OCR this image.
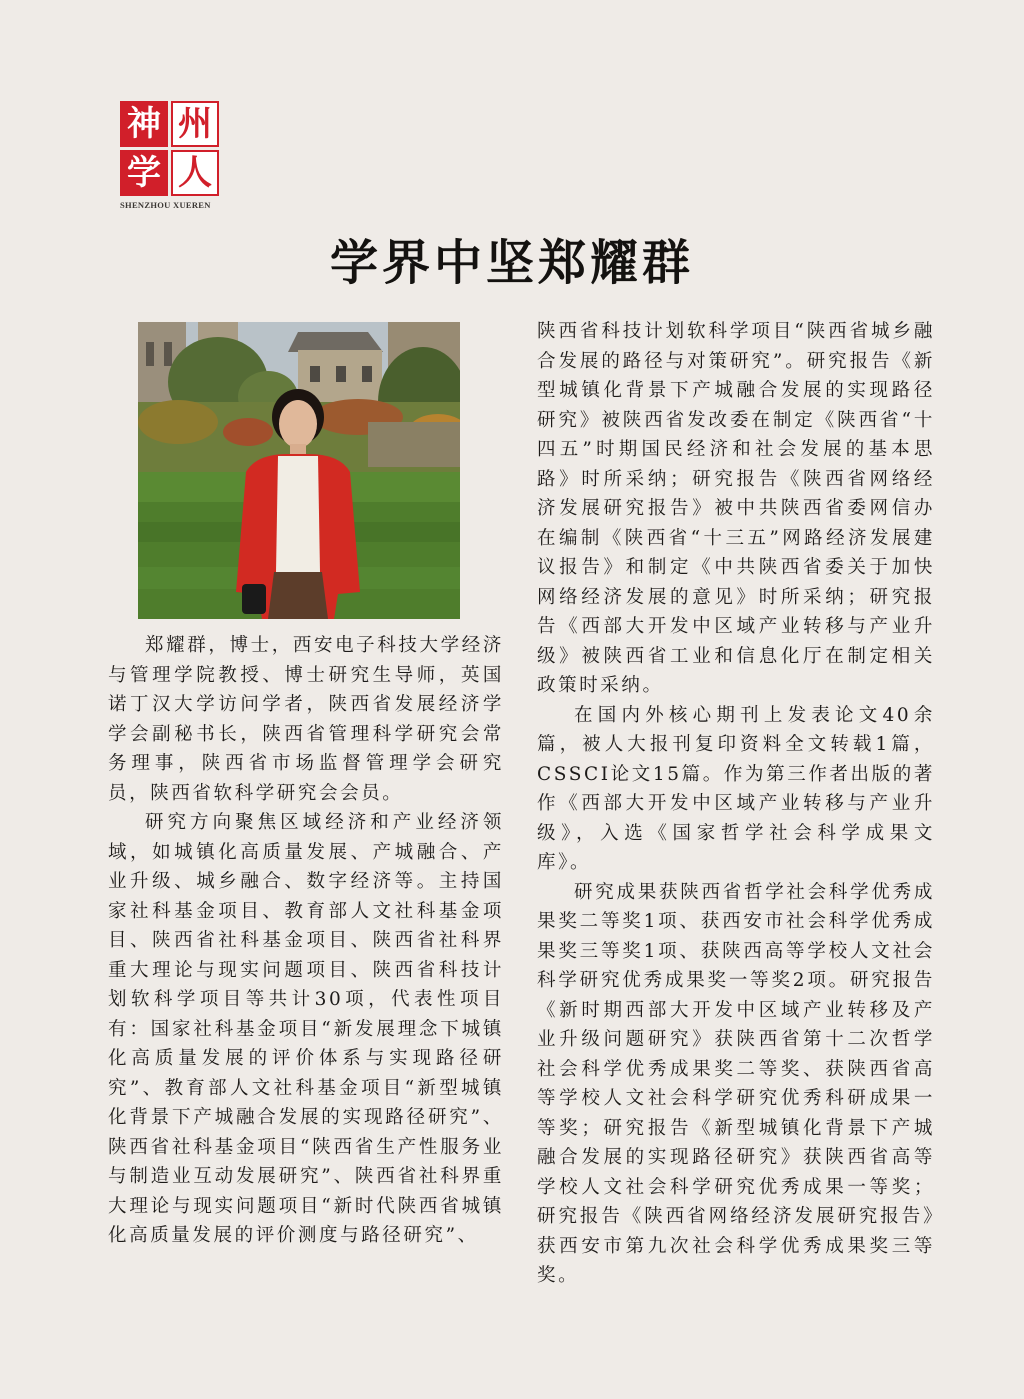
神 州
学 人
SHENZHOU XUEREN
学界中坚郑耀群

郑耀群，博士，西安电子科技大学经济与管理学院教授、博士研究生导师，英国诺丁汉大学访问学者，陕西省发展经济学学会副秘书长，陕西省管理科学研究会常务理事，陕西省市场监督管理学会研究员，陕西省软科学研究会会员。

研究方向聚焦区域经济和产业经济领域，如城镇化高质量发展、产城融合、产业升级、城乡融合、数字经济等。主持国家社科基金项目、教育部人文社科基金项目、陕西省社科基金项目、陕西省社科界重大理论与现实问题项目、陕西省科技计划软科学项目等共计30项，代表性项目有：国家社科基金项目“新发展理念下城镇化高质量发展的评价体系与实现路径研究”、教育部人文社科基金项目“新型城镇化背景下产城融合发展的实现路径研究”、陕西省社科基金项目“陕西省生产性服务业与制造业互动发展研究”、陕西省社科界重大理论与现实问题项目“新时代陕西省城镇化高质量发展的评价测度与路径研究”、

陕西省科技计划软科学项目“陕西省城乡融合发展的路径与对策研究”。研究报告《新型城镇化背景下产城融合发展的实现路径研究》被陕西省发改委在制定《陕西省“十四五”时期国民经济和社会发展的基本思路》时所采纳；研究报告《陕西省网络经济发展研究报告》被中共陕西省委网信办在编制《陕西省“十三五”网路经济发展建议报告》和制定《中共陕西省委关于加快网络经济发展的意见》时所采纳；研究报告《西部大开发中区域产业转移与产业升级》被陕西省工业和信息化厅在制定相关政策时采纳。

在国内外核心期刊上发表论文40余篇，被人大报刊复印资料全文转载1篇，CSSCI论文15篇。作为第三作者出版的著作《西部大开发中区域产业转移与产业升级》，入选《国家哲学社会科学成果文库》。

研究成果获陕西省哲学社会科学优秀成果奖二等奖1项、获西安市社会科学优秀成果奖三等奖1项、获陕西高等学校人文社会科学研究优秀成果奖一等奖2项。研究报告《新时期西部大开发中区域产业转移及产业升级问题研究》获陕西省第十二次哲学社会科学优秀成果奖二等奖、获陕西省高等学校人文社会科学研究优秀科研成果一等奖；研究报告《新型城镇化背景下产城融合发展的实现路径研究》获陕西省高等学校人文社会科学研究优秀成果一等奖；研究报告《陕西省网络经济发展研究报告》获西安市第九次社会科学优秀成果奖三等奖。
